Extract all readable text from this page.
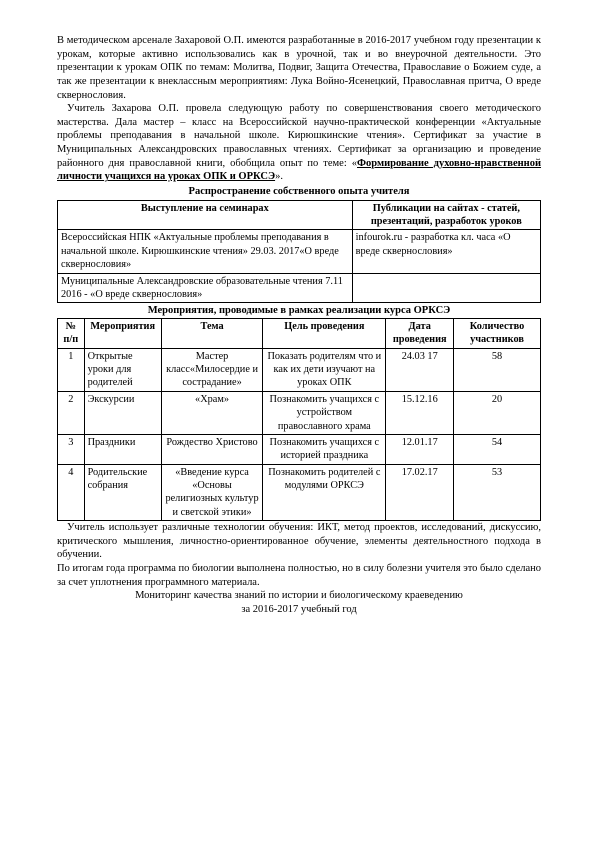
В методическом арсенале Захаровой О.П. имеются разработанные в 2016-2017 учебном году презентации к урокам, которые активно использовались как в урочной, так и во внеурочной деятельности. Это презентации к урокам ОПК по темам: Молитва, Подвиг, Защита Отечества, Православие о Божием суде, а так же презентации к внеклассным мероприятиям: Лука Войно-Ясенецкий, Православная притча, О вреде сквернословия.

Учитель Захарова О.П. провела следующую работу по совершенствования своего методического мастерства. Дала мастер – класс на Всероссийской научно-практической конференции «Актуальные проблемы преподавания в начальной школе. Кирюшкинские чтения». Сертификат за участие в Муниципальных Александровских православных чтениях. Сертификат за организацию и проведение районного дня православной книги, обобщила опыт по теме: «Формирование духовно-нравственной личности учащихся на уроках ОПК и ОРКСЭ».

Распространение собственного опыта учителя
Выступление на семинарах	Публикации на сайтах - статей, презентаций, разработок уроков
Всероссийская НПК «Актуальные проблемы преподавания в начальной школе. Кирюшкинские чтения» 29.03. 2017«О вреде сквернословия»	infourok.ru - разработка кл. часа «О вреде сквернословия»
Муниципальные Александровские образовательные чтения 7.11 2016 - «О вреде сквернословия»	
Мероприятия, проводимые в рамках реализации курса ОРКСЭ
№ п/п	Мероприятия	Тема	Цель проведения	Дата проведения	Количество участников
1	Открытые уроки для родителей	Мастер класс«Милосердие и сострадание»	Показать родителям что и как их дети изучают на уроках ОПК	24.03 17	58
2	Экскурсии	«Храм»	Познакомить учащихся с устройством православного храма	15.12.16	20
3	Праздники	Рождество Христово	Познакомить учащихся с историей праздника	12.01.17	54
4	Родительские собрания	«Введение курса «Основы религиозных культур и светской этики»	Познакомить родителей с модулями ОРКСЭ	17.02.17	53

Учитель использует различные технологии обучения: ИКТ, метод проектов, исследований, дискуссию, критического мышления, личностно-ориентированное обучение, элементы деятельностного подхода в обучении.

По итогам года программа по биологии выполнена полностью, но в силу болезни учителя это было сделано за счет уплотнения программного материала.

Мониторинг качества знаний по истории и биологическому краеведению
за 2016-2017 учебный год
